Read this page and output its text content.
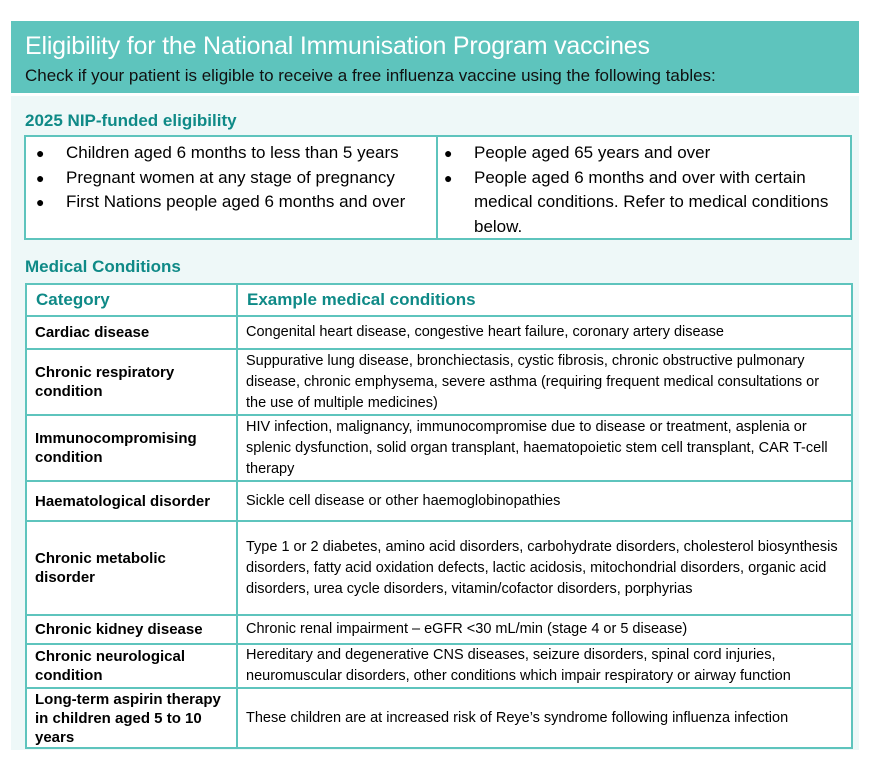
Eligibility for the National Immunisation Program vaccines
Check if your patient is eligible to receive a free influenza vaccine using the following tables:
2025 NIP-funded eligibility
● Children aged 6 months to less than 5 years
● Pregnant women at any stage of pregnancy
● First Nations people aged 6 months and over
● People aged 65 years and over
● People aged 6 months and over with certain medical conditions. Refer to medical conditions below.
Medical Conditions
Category	Example medical conditions
Cardiac disease	Congenital heart disease, congestive heart failure, coronary artery disease
Chronic respiratory condition	Suppurative lung disease, bronchiectasis, cystic fibrosis, chronic obstructive pulmonary disease, chronic emphysema, severe asthma (requiring frequent medical consultations or the use of multiple medicines)
Immunocompromising condition	HIV infection, malignancy, immunocompromise due to disease or treatment, asplenia or splenic dysfunction, solid organ transplant, haematopoietic stem cell transplant, CAR T-cell therapy
Haematological disorder	Sickle cell disease or other haemoglobinopathies
Chronic metabolic disorder	Type 1 or 2 diabetes, amino acid disorders, carbohydrate disorders, cholesterol biosynthesis disorders, fatty acid oxidation defects, lactic acidosis, mitochondrial disorders, organic acid disorders, urea cycle disorders, vitamin/cofactor disorders, porphyrias
Chronic kidney disease	Chronic renal impairment – eGFR <30 mL/min (stage 4 or 5 disease)
Chronic neurological condition	Hereditary and degenerative CNS diseases, seizure disorders, spinal cord injuries, neuromuscular disorders, other conditions which impair respiratory or airway function
Long-term aspirin therapy in children aged 5 to 10 years	These children are at increased risk of Reye’s syndrome following influenza infection
